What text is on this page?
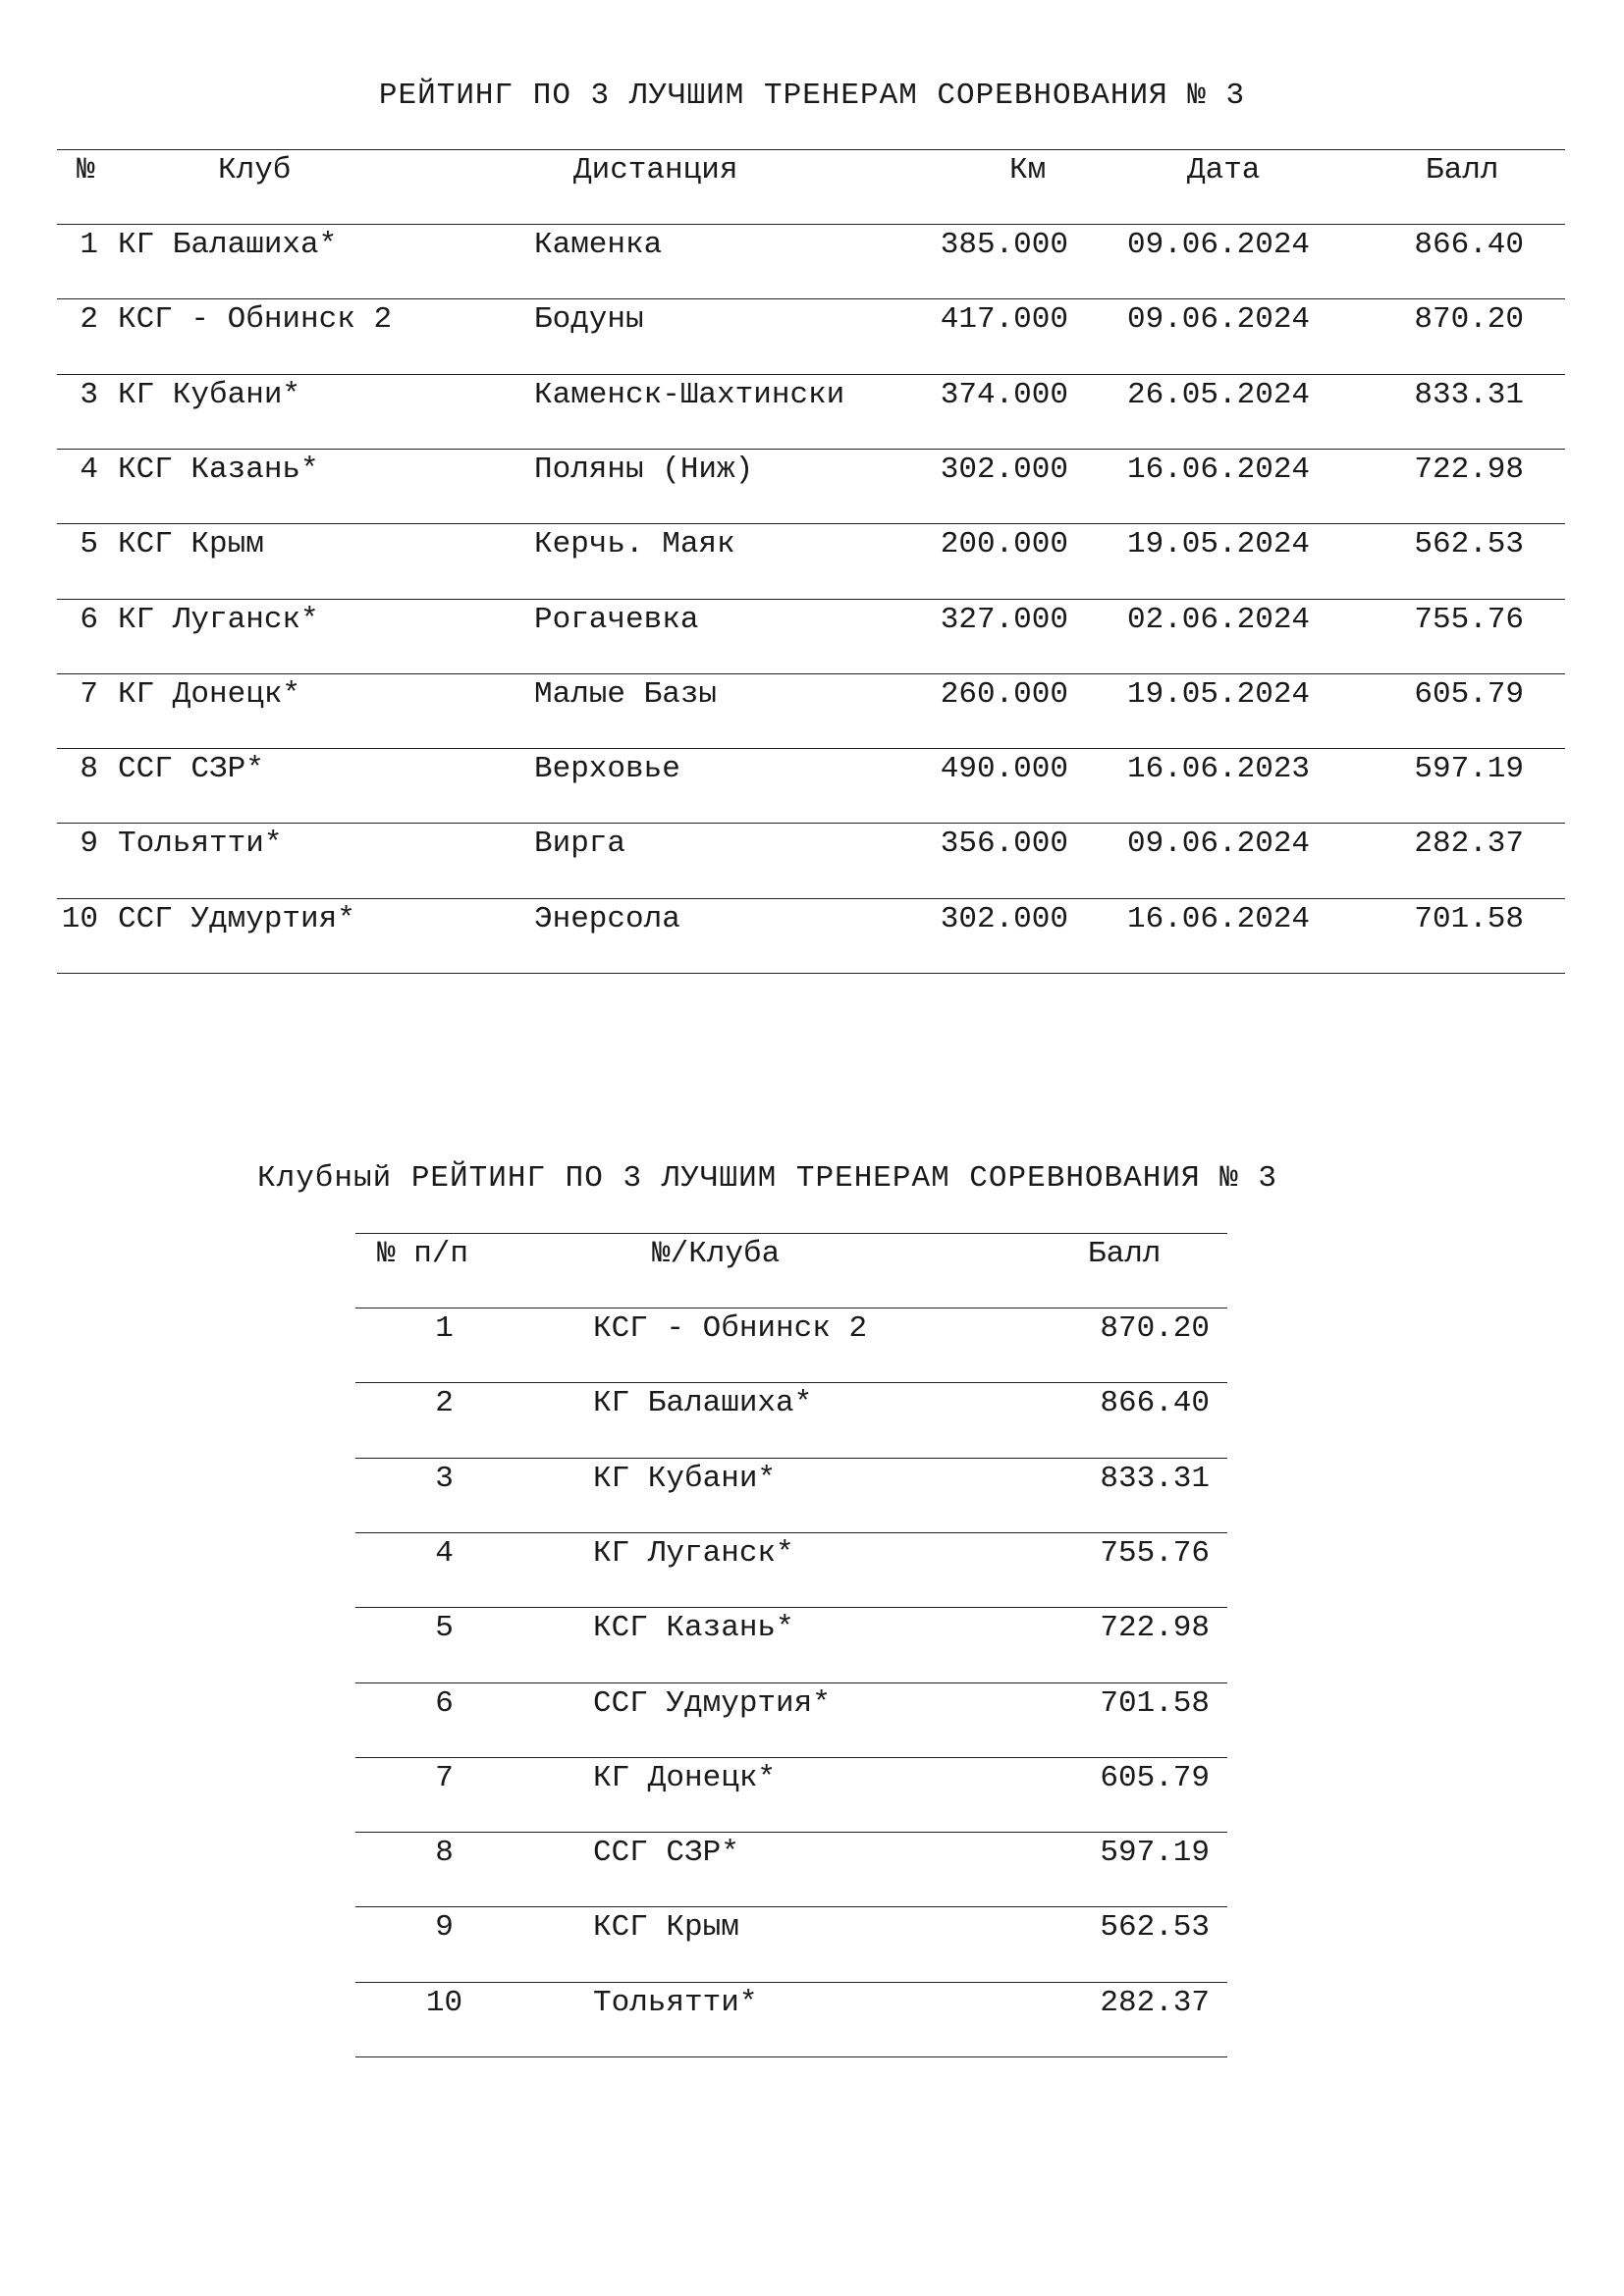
РЕЙТИНГ ПО 3 ЛУЧШИМ ТРЕНЕРАМ СОРЕВНОВАНИЯ № 3
№	Клуб	Дистанция	Км	Дата	Балл
1 КГ Балашиха*	Каменка	385.000 09.06.2024	866.40
2 КСГ - Обнинск 2	Бодуны	417.000 09.06.2024	870.20
3 КГ Кубани*	Каменск-Шахтински	374.000 26.05.2024	833.31
4 КСГ Казань*	Поляны (Ниж)	302.000 16.06.2024	722.98
5 КСГ Крым	Керчь. Маяк	200.000 19.05.2024	562.53
6 КГ Луганск*	Рогачевка	327.000 02.06.2024	755.76
7 КГ Донецк*	Малые Базы	260.000 19.05.2024	605.79
8 ССГ СЗР*	Верховье	490.000 16.06.2023	597.19
9 Тольятти*	Вирга	356.000 09.06.2024	282.37
10 ССГ Удмуртия*	Энерсола	302.000 16.06.2024	701.58
Клубный РЕЙТИНГ ПО 3 ЛУЧШИМ ТРЕНЕРАМ СОРЕВНОВАНИЯ № 3
№ п/п	№/Клуба	Балл
1	КСГ - Обнинск 2	870.20
2	КГ Балашиха*	866.40
3	КГ Кубани*	833.31
4	КГ Луганск*	755.76
5	КСГ Казань*	722.98
6	ССГ Удмуртия*	701.58
7	КГ Донецк*	605.79
8	ССГ СЗР*	597.19
9	КСГ Крым	562.53
10	Тольятти*	282.37
